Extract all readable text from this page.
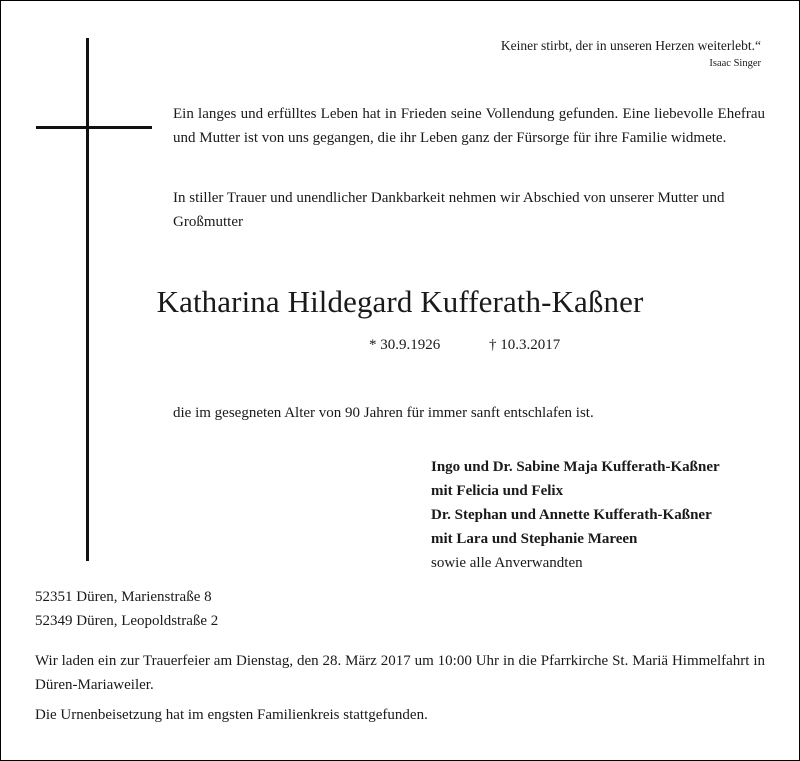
Keiner stirbt, der in unseren Herzen weiterlebt.“
Isaac Singer

Ein langes und erfülltes Leben hat in Frieden seine Vollendung gefunden. Eine liebevolle Ehefrau und Mutter ist von uns gegangen, die ihr Leben ganz der Fürsorge für ihre Familie widmete.

In stiller Trauer und unendlicher Dankbarkeit nehmen wir Abschied von unserer Mutter und Großmutter

Katharina Hildegard Kufferath-Kaßner
* 30.9.1926	† 10.3.2017

die im gesegneten Alter von 90 Jahren für immer sanft entschlafen ist.

Ingo und Dr. Sabine Maja Kufferath-Kaßner
mit Felicia und Felix
Dr. Stephan und Annette Kufferath-Kaßner
mit Lara und Stephanie Mareen
sowie alle Anverwandten
52351 Düren, Marienstraße 8
52349 Düren, Leopoldstraße 2

Wir laden ein zur Trauerfeier am Dienstag, den 28. März 2017 um 10:00 Uhr in die Pfarrkirche St. Mariä Himmelfahrt in Düren-Mariaweiler.

Die Urnenbeisetzung hat im engsten Familienkreis stattgefunden.
